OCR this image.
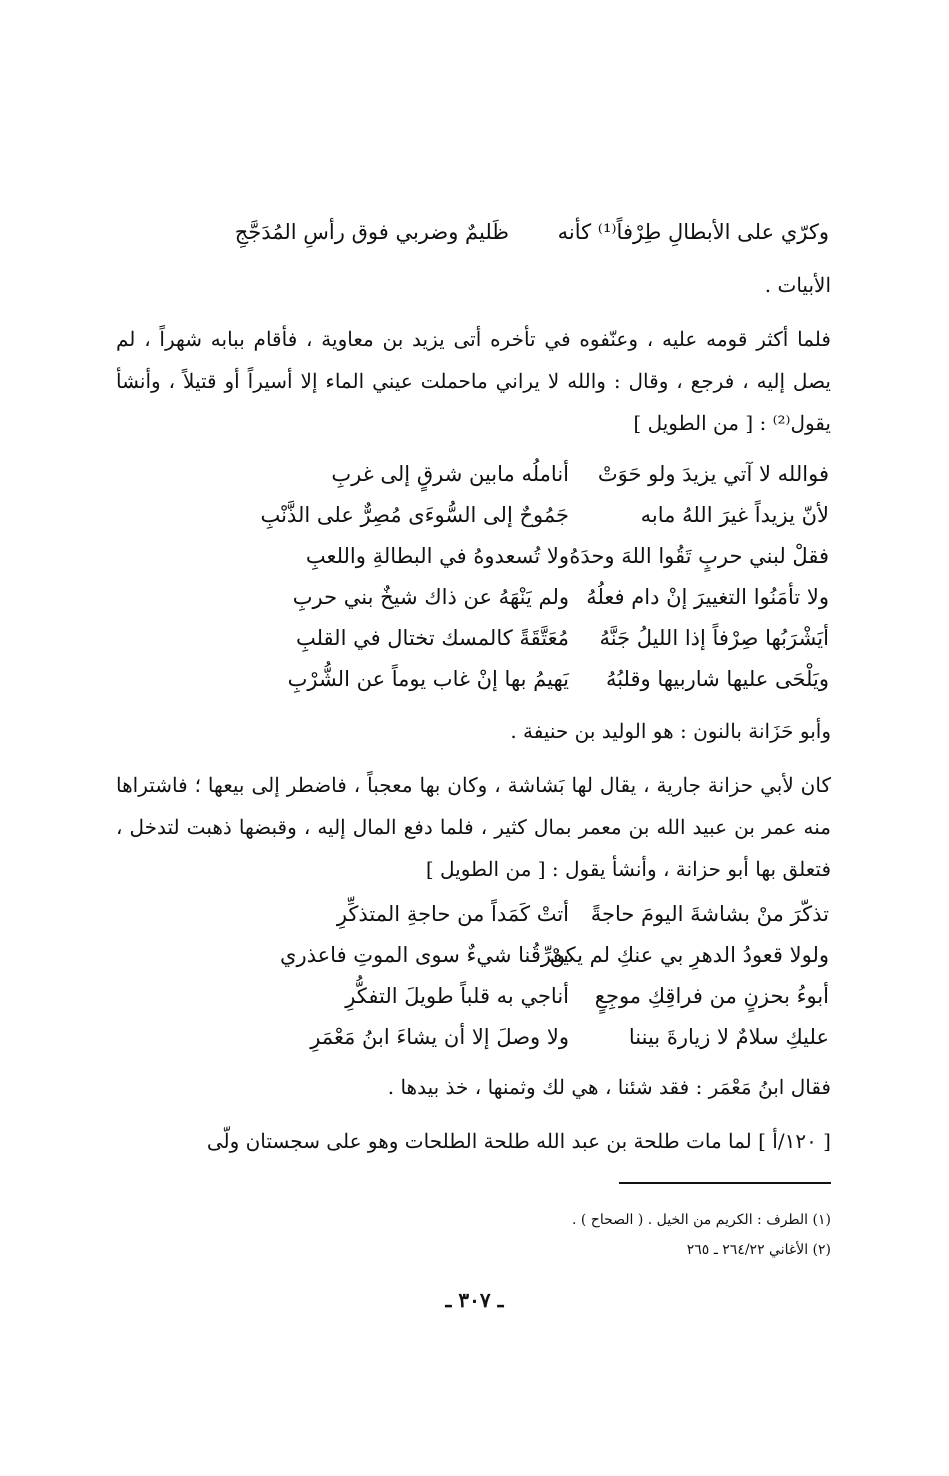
وكرّي على الأبطالِ طِرْفاً⁽¹⁾ كأنه
ظَليمٌ وضربي فوق رأسِ المُدَجَّجِ
الأبيات .
فلما أكثر قومه عليه ، وعنّفوه في تأخره أتى يزيد بن معاوية ، فأقام ببابه شهراً ، لم يصل إليه ، فرجع ، وقال : والله لا يراني ماحملت عيني الماء إلا أسيراً أو قتيلاً ، وأنشأ يقول⁽²⁾ : [ من الطويل ]
فوالله لا آتي يزيدَ ولو حَوَتْ
أناملُه مابين شرقٍ إلى غربِ
لأنّ يزيداً غيرَ اللهُ مابه
جَمُوحٌ إلى السُّوءَى مُصِرٌّ على الذَّنْبِ
فقلْ لبني حربٍ تَقُوا اللهَ وحدَهُ
ولا تُسعدوهُ في البطالةِ واللعبِ
ولا تأمَنُوا التغييرَ إنْ دام فعلُهُ
ولم يَنْهَهُ عن ذاك شيخٌ بني حربِ
أيَشْرَبُها صِرْفاً إذا الليلُ جَنَّهُ
مُعَتَّقَةً كالمسك تختال في القلبِ
ويَلْحَى عليها شاربيها وقلبُهُ
يَهيمُ بها إنْ غاب يوماً عن الشُّرْبِ
وأبو حَزَانة بالنون : هو الوليد بن حنيفة .
كان لأبي حزانة جارية ، يقال لها بَشاشة ، وكان بها معجباً ، فاضطر إلى بيعها ؛ فاشتراها منه عمر بن عبيد الله بن معمر بمال كثير ، فلما دفع المال إليه ، وقبضها ذهبت لتدخل ، فتعلق بها أبو حزانة ، وأنشأ يقول : [ من الطويل ]
تذكّرَ منْ بشاشةَ اليومَ حاجةً
أتتْ كَمَداً من حاجةِ المتذكِّرِ
ولولا قعودُ الدهرِ بي عنكِ لم يكنْ
يفرِّقُنا شيءٌ سوى الموتِ فاعذري
أبوءُ بحزنٍ من فراقِكِ موجِعٍ
أناجي به قلباً طويلَ التفكُّرِ
عليكِ سلامٌ لا زيارةَ بيننا
ولا وصلَ إلا أن يشاءَ ابنُ مَعْمَرِ
فقال ابنُ مَعْمَر : فقد شئنا ، هي لك وثمنها ، خذ بيدها .
[ ١٢٠/أ ] لما مات طلحة بن عبد الله طلحة الطلحات وهو على سجستان ولّى
(١) الطرف : الكريم من الخيل . ( الصحاح ) .
(٢) الأغاني ٢٦٤/٢٢ ـ ٢٦٥
ـ ٣٠٧ ـ
